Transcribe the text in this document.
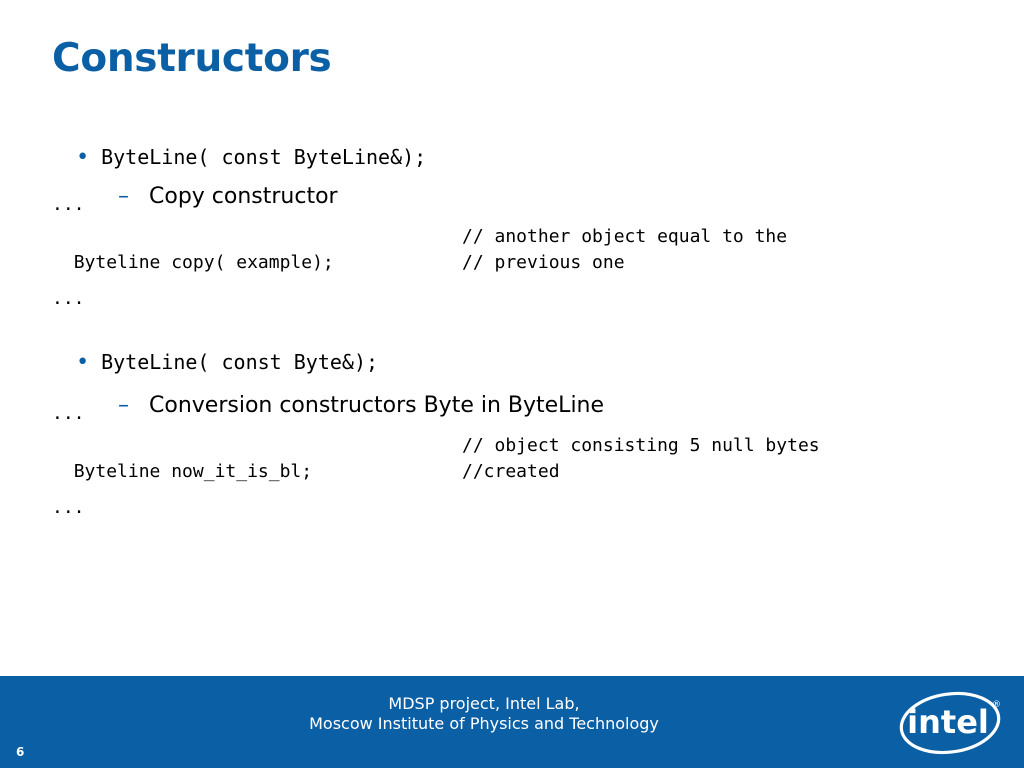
Constructors

• ByteLine( const ByteLine&);

– Copy constructor

...

Byteline copy( example);

// another object equal to the

// previous one

...

• ByteLine( const Byte&);

– Conversion constructors Byte in ByteLine

...

Byteline now_it_is_bl;

// object consisting 5 null bytes

//created

...
MDSP project, Intel Lab,
Moscow Institute of Physics and Technology
6
intel ®
